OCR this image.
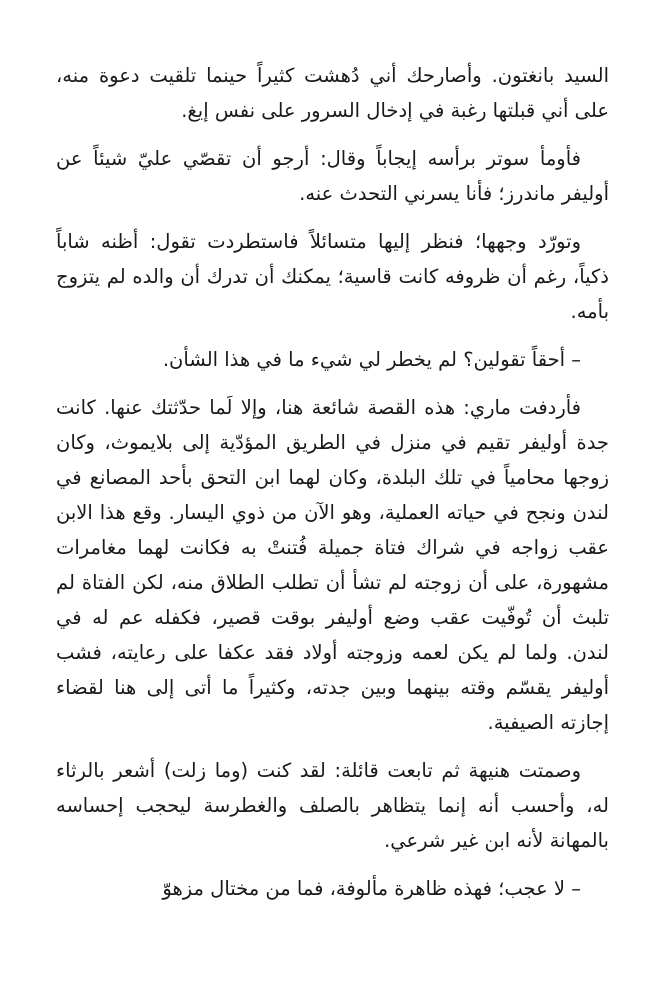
السيد بانغتون. وأصارحك أني دُهشت كثيراً حينما تلقيت دعوة منه، على أني قبلتها رغبة في إدخال السرور على نفس إيغ.

فأومأ سوتر برأسه إيجاباً وقال: أرجو أن تقصّي عليّ شيئاً عن أوليفر ماندرز؛ فأنا يسرني التحدث عنه.

وتورّد وجهها؛ فنظر إليها متسائلاً فاستطردت تقول: أظنه شاباً ذكياً، رغم أن ظروفه كانت قاسية؛ يمكنك أن تدرك أن والده لم يتزوج بأمه.

– أحقاً تقولين؟ لم يخطر لي شيء ما في هذا الشأن.

فأردفت ماري: هذه القصة شائعة هنا، وإلا لَما حدّثتك عنها. كانت جدة أوليفر تقيم في منزل في الطريق المؤدّية إلى بلايموث، وكان زوجها محامياً في تلك البلدة، وكان لهما ابن التحق بأحد المصانع في لندن ونجح في حياته العملية، وهو الآن من ذوي اليسار. وقع هذا الابن عقب زواجه في شراك فتاة جميلة فُتنتْ به فكانت لهما مغامرات مشهورة، على أن زوجته لم تشأ أن تطلب الطلاق منه، لكن الفتاة لم تلبث أن تُوفّيت عقب وضع أوليفر بوقت قصير، فكفله عم له في لندن. ولما لم يكن لعمه وزوجته أولاد فقد عكفا على رعايته، فشب أوليفر يقسّم وقته بينهما وبين جدته، وكثيراً ما أتى إلى هنا لقضاء إجازته الصيفية.

وصمتت هنيهة ثم تابعت قائلة: لقد كنت (وما زلت) أشعر بالرثاء له، وأحسب أنه إنما يتظاهر بالصلف والغطرسة ليحجب إحساسه بالمهانة لأنه ابن غير شرعي.

– لا عجب؛ فهذه ظاهرة مألوفة، فما من مختال مزهوّ
